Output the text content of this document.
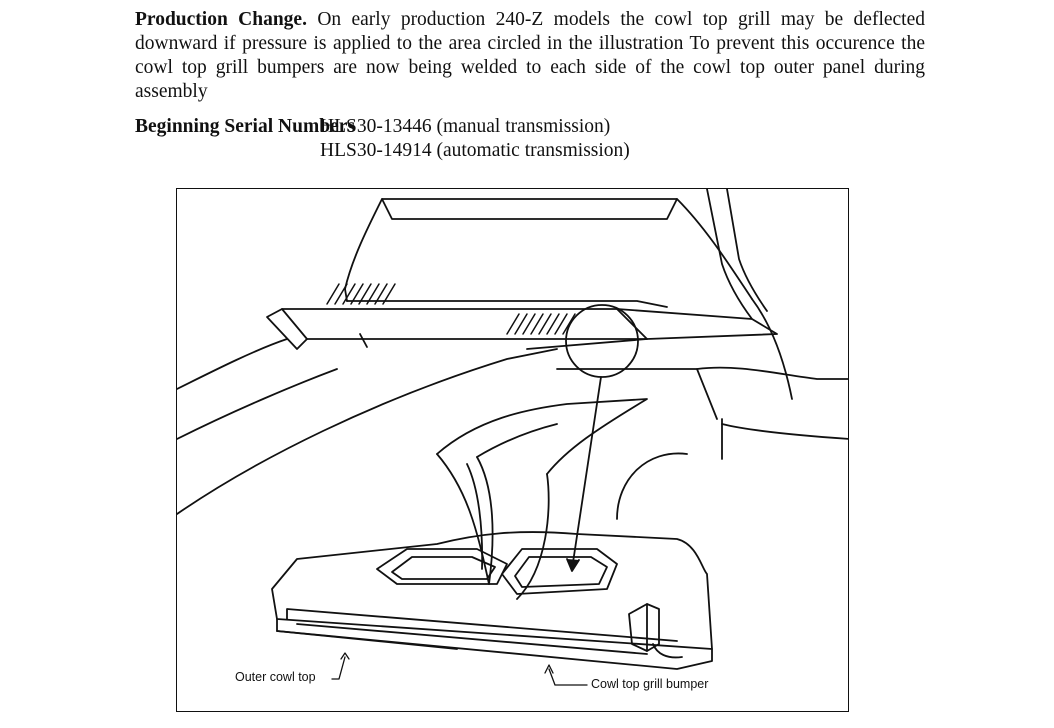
Production Change. On early production 240-Z models the cowl top grill may be deflected downward if pressure is applied to the area circled in the illustration To prevent this occurence the cowl top grill bumpers are now being welded to each side of the cowl top outer panel during assembly

Beginning Serial Numbers
HLS30-13446 (manual transmission)
HLS30-14914 (automatic transmission)
Outer cowl top	Cowl top grill bumper
